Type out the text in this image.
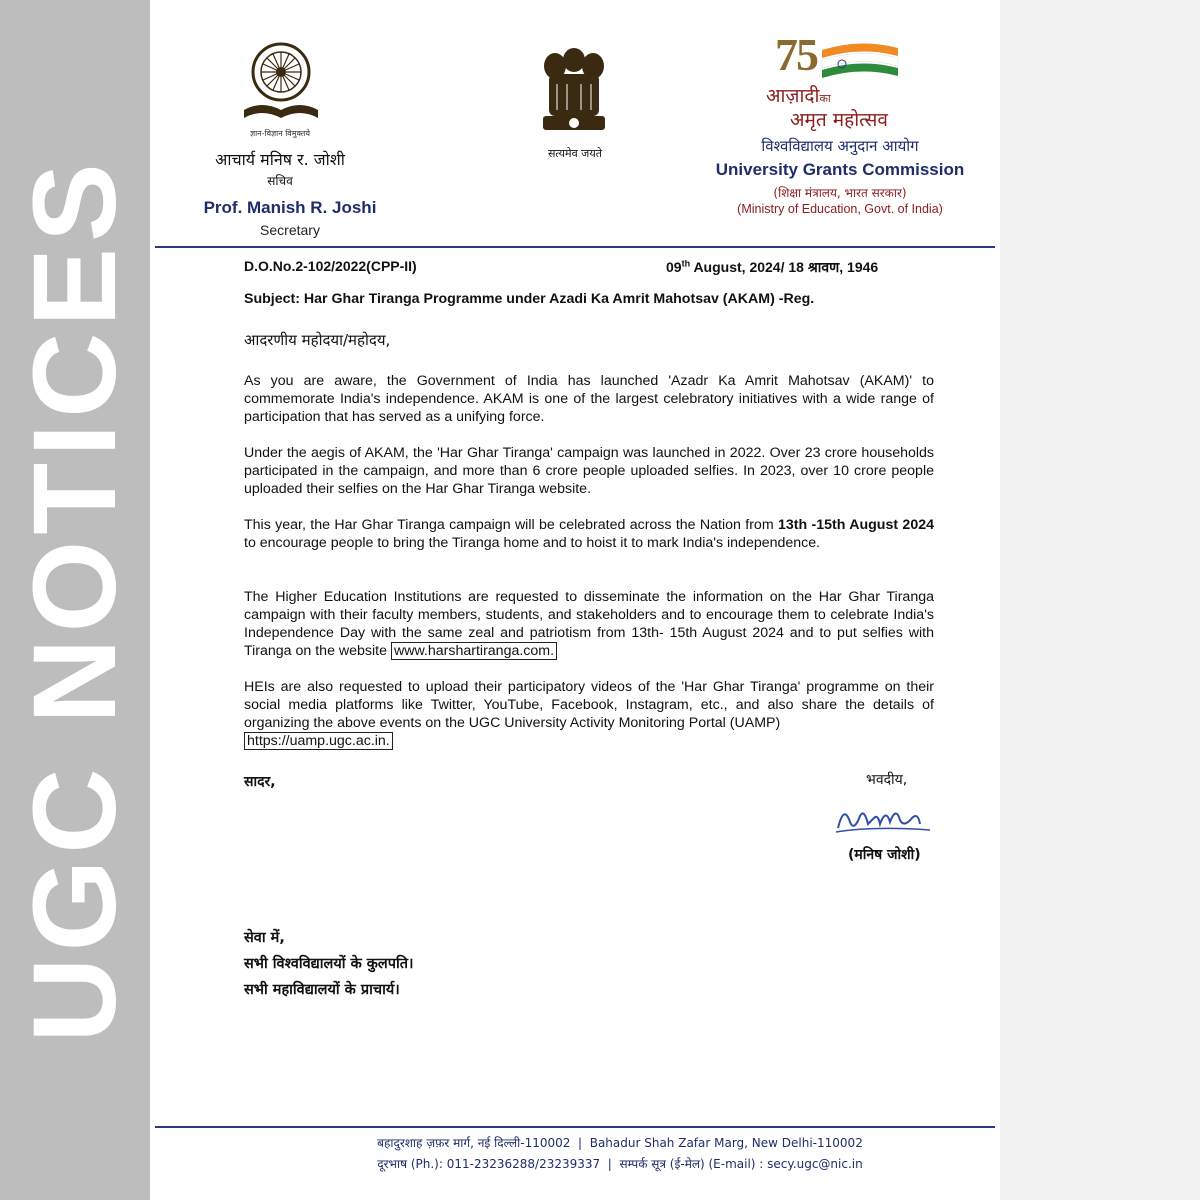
UGC NOTICES
ज्ञान-विज्ञान विमुक्तये
आचार्य मनिष र. जोशी
सचिव
Prof. Manish R. Joshi
Secretary
सत्यमेव जयते
75
आज़ादीका
अमृत महोत्सव
विश्वविद्यालय अनुदान आयोग
University Grants Commission
(शिक्षा मंत्रालय, भारत सरकार)
(Ministry of Education, Govt. of India)
D.O.No.2-102/2022(CPP-II)	09th August, 2024/ 18 श्रावण, 1946
Subject: Har Ghar Tiranga Programme under Azadi Ka Amrit Mahotsav (AKAM) -Reg.
आदरणीय महोदया/महोदय,
As you are aware, the Government of India has launched 'Azadr Ka Amrit Mahotsav (AKAM)' to commemorate India's independence. AKAM is one of the largest celebratory initiatives with a wide range of participation that has served as a unifying force.
Under the aegis of AKAM, the 'Har Ghar Tiranga' campaign was launched in 2022. Over 23 crore households participated in the campaign, and more than 6 crore people uploaded selfies. In 2023, over 10 crore people uploaded their selfies on the Har Ghar Tiranga website.
This year, the Har Ghar Tiranga campaign will be celebrated across the Nation from 13th -15th August 2024 to encourage people to bring the Tiranga home and to hoist it to mark India's independence.
The Higher Education Institutions are requested to disseminate the information on the Har Ghar Tiranga campaign with their faculty members, students, and stakeholders and to encourage them to celebrate India's Independence Day with the same zeal and patriotism from 13th- 15th August 2024 and to put selfies with Tiranga on the website www.harshartiranga.com.
HEIs are also requested to upload their participatory videos of the 'Har Ghar Tiranga' programme on their social media platforms like Twitter, YouTube, Facebook, Instagram, etc., and also share the details of organizing the above events on the UGC University Activity Monitoring Portal (UAMP)
https://uamp.ugc.ac.in.
सादर,	भवदीय,
(मनिष जोशी)
सेवा में,
सभी विश्वविद्यालयों के कुलपति।
सभी महाविद्यालयों के प्राचार्य।
बहादुरशाह ज़फ़र मार्ग, नई दिल्ली-110002  |  Bahadur Shah Zafar Marg, New Delhi-110002
दूरभाष (Ph.): 011-23236288/23239337  |  सम्पर्क सूत्र (ई-मेल) (E-mail) : secy.ugc@nic.in
